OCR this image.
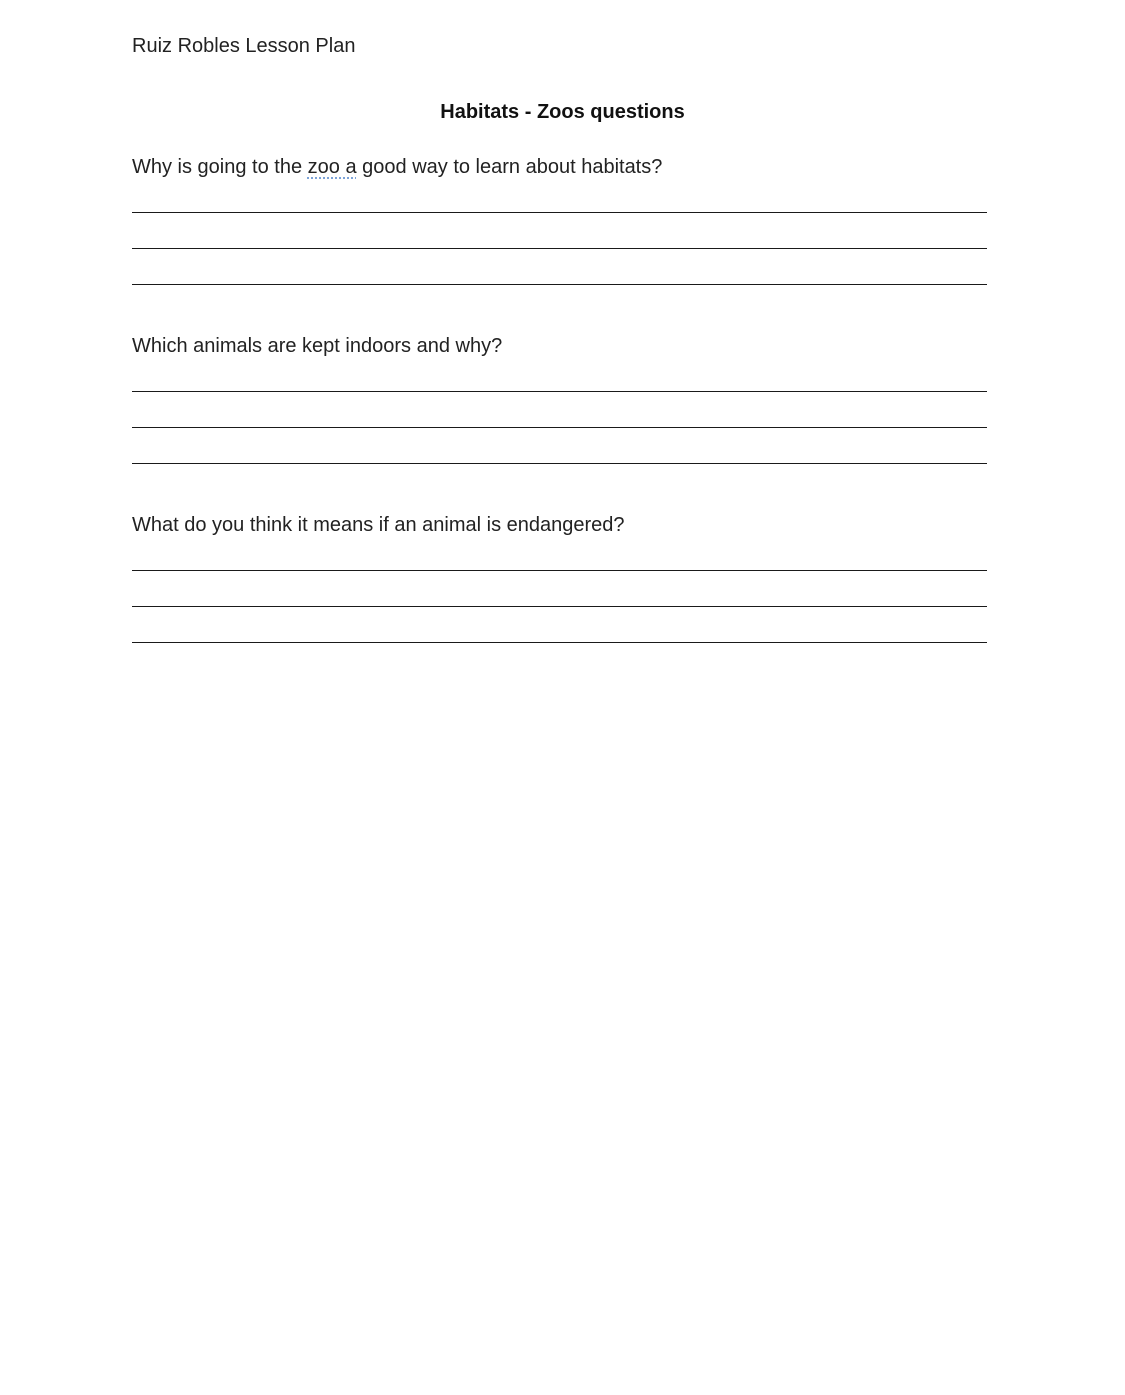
Ruiz Robles Lesson Plan
Habitats - Zoos questions
Why is going to the zoo a good way to learn about habitats?
Which animals are kept indoors and why?
What do you think it means if an animal is endangered?
